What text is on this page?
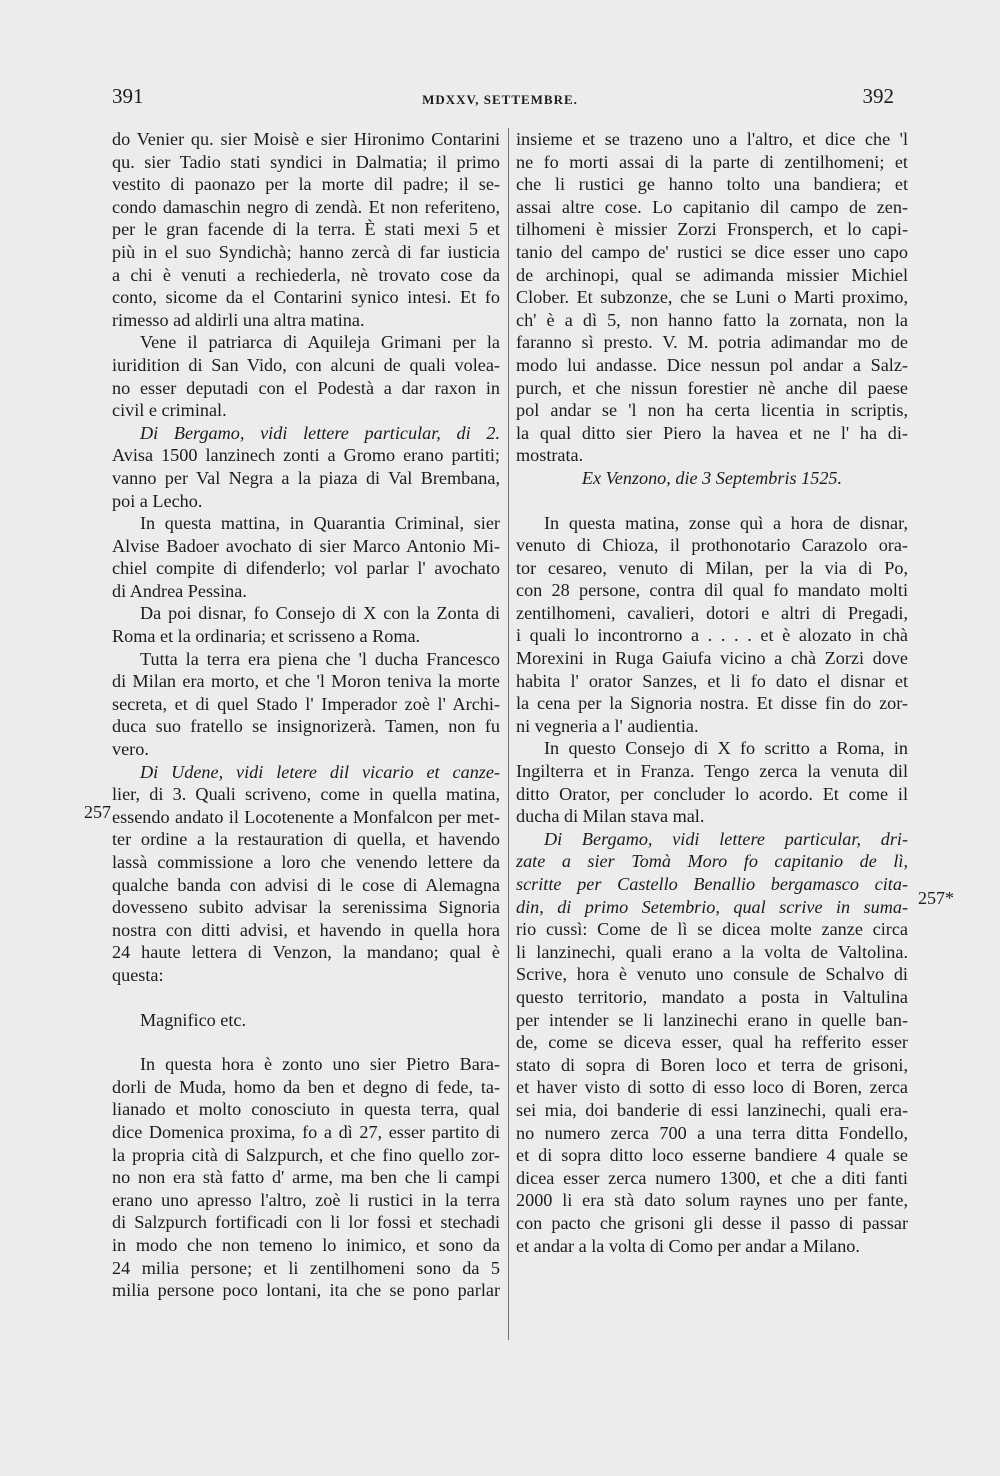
391	MDXXV, SETTEMBRE.	392
do Venier qu. sier Moisè e sier Hironimo Contarini
qu. sier Tadio stati syndici in Dalmatia; il primo
vestito di paonazo per la morte dil padre; il se-
condo damaschin negro di zendà. Et non referiteno,
per le gran facende di la terra. È stati mexi 5 et
più in el suo Syndichà; hanno zercà di far iusticia
a chi è venuti a rechiederla, nè trovato cose da
conto, sicome da el Contarini synico intesi. Et fo
rimesso ad aldirli una altra matina.
Vene il patriarca di Aquileja Grimani per la
iuridition di San Vido, con alcuni de quali volea-
no esser deputadi con el Podestà a dar raxon in
civil e criminal.
Di Bergamo, vidi lettere particular, di 2.
Avisa 1500 lanzinech zonti a Gromo erano partiti;
vanno per Val Negra a la piaza di Val Brembana,
poi a Lecho.
In questa mattina, in Quarantia Criminal, sier
Alvise Badoer avochato di sier Marco Antonio Mi-
chiel compite di difenderlo; vol parlar l' avochato
di Andrea Pessina.
Da poi disnar, fo Consejo di X con la Zonta di
Roma et la ordinaria; et scrisseno a Roma.
Tutta la terra era piena che 'l ducha Francesco
di Milan era morto, et che 'l Moron teniva la morte
secreta, et di quel Stado l' Imperador zoè l' Archi-
duca suo fratello se insignorizerà. Tamen, non fu
vero.
Di Udene, vidi letere dil vicario et canze-
lier, di 3. Quali scriveno, come in quella matina,
essendo andato il Locotenente a Monfalcon per met-
ter ordine a la restauration di quella, et havendo
lassà commissione a loro che venendo lettere da
qualche banda con advisi di le cose di Alemagna
dovesseno subito advisar la serenissima Signoria
nostra con ditti advisi, et havendo in quella hora
24 haute lettera di Venzon, la mandano; qual è
questa:
Magnifico etc.
In questa hora è zonto uno sier Pietro Bara-
dorli de Muda, homo da ben et degno di fede, ta-
lianado et molto conosciuto in questa terra, qual
dice Domenica proxima, fo a dì 27, esser partito di
la propria cità di Salzpurch, et che fino quello zor-
no non era stà fatto d' arme, ma ben che li campi
erano uno apresso l'altro, zoè li rustici in la terra
di Salzpurch fortificadi con li lor fossi et stechadi
in modo che non temeno lo inimico, et sono da
24 milia persone; et li zentilhomeni sono da 5
milia persone poco lontani, ita che se pono parlar
insieme et se trazeno uno a l'altro, et dice che 'l
ne fo morti assai di la parte di zentilhomeni; et
che li rustici ge hanno tolto una bandiera; et
assai altre cose. Lo capitanio dil campo de zen-
tilhomeni è missier Zorzi Fronsperch, et lo capi-
tanio del campo de' rustici se dice esser uno capo
de archinopi, qual se adimanda missier Michiel
Clober. Et subzonze, che se Luni o Marti proximo,
ch' è a dì 5, non hanno fatto la zornata, non la
faranno sì presto. V. M. potria adimandar mo de
modo lui andasse. Dice nessun pol andar a Salz-
purch, et che nissun forestier nè anche dil paese
pol andar se 'l non ha certa licentia in scriptis,
la qual ditto sier Piero la havea et ne l' ha di-
mostrata.
Ex Venzono, die 3 Septembris 1525.
In questa matina, zonse quì a hora de disnar,
venuto di Chioza, il prothonotario Carazolo ora-
tor cesareo, venuto di Milan, per la via di Po,
con 28 persone, contra dil qual fo mandato molti
zentilhomeni, cavalieri, dotori e altri di Pregadi,
i quali lo incontrorno a . . . . et è alozato in chà
Morexini in Ruga Gaiufa vicino a chà Zorzi dove
habita l' orator Sanzes, et li fo dato el disnar et
la cena per la Signoria nostra. Et disse fin do zor-
ni vegneria a l' audientia.
In questo Consejo di X fo scritto a Roma, in
Ingilterra et in Franza. Tengo zerca la venuta dil
ditto Orator, per concluder lo acordo. Et come il
ducha di Milan stava mal.
Di Bergamo, vidi lettere particular, dri-
zate a sier Tomà Moro fo capitanio de lì,
scritte per Castello Benallio bergamasco cita-
din, di primo Setembrio, qual scrive in suma-
rio cussì: Come de lì se dicea molte zanze circa
li lanzinechi, quali erano a la volta de Valtolina.
Scrive, hora è venuto uno consule de Schalvo di
questo territorio, mandato a posta in Valtulina
per intender se li lanzinechi erano in quelle ban-
de, come se diceva esser, qual ha refferito esser
stato di sopra di Boren loco et terra de grisoni,
et haver visto di sotto di esso loco di Boren, zerca
sei mia, doi banderie di essi lanzinechi, quali era-
no numero zerca 700 a una terra ditta Fondello,
et di sopra ditto loco esserne bandiere 4 quale se
dicea esser zerca numero 1300, et che a diti fanti
2000 li era stà dato solum raynes uno per fante,
con pacto che grisoni gli desse il passo di passar
et andar a la volta di Como per andar a Milano.
257
257*
